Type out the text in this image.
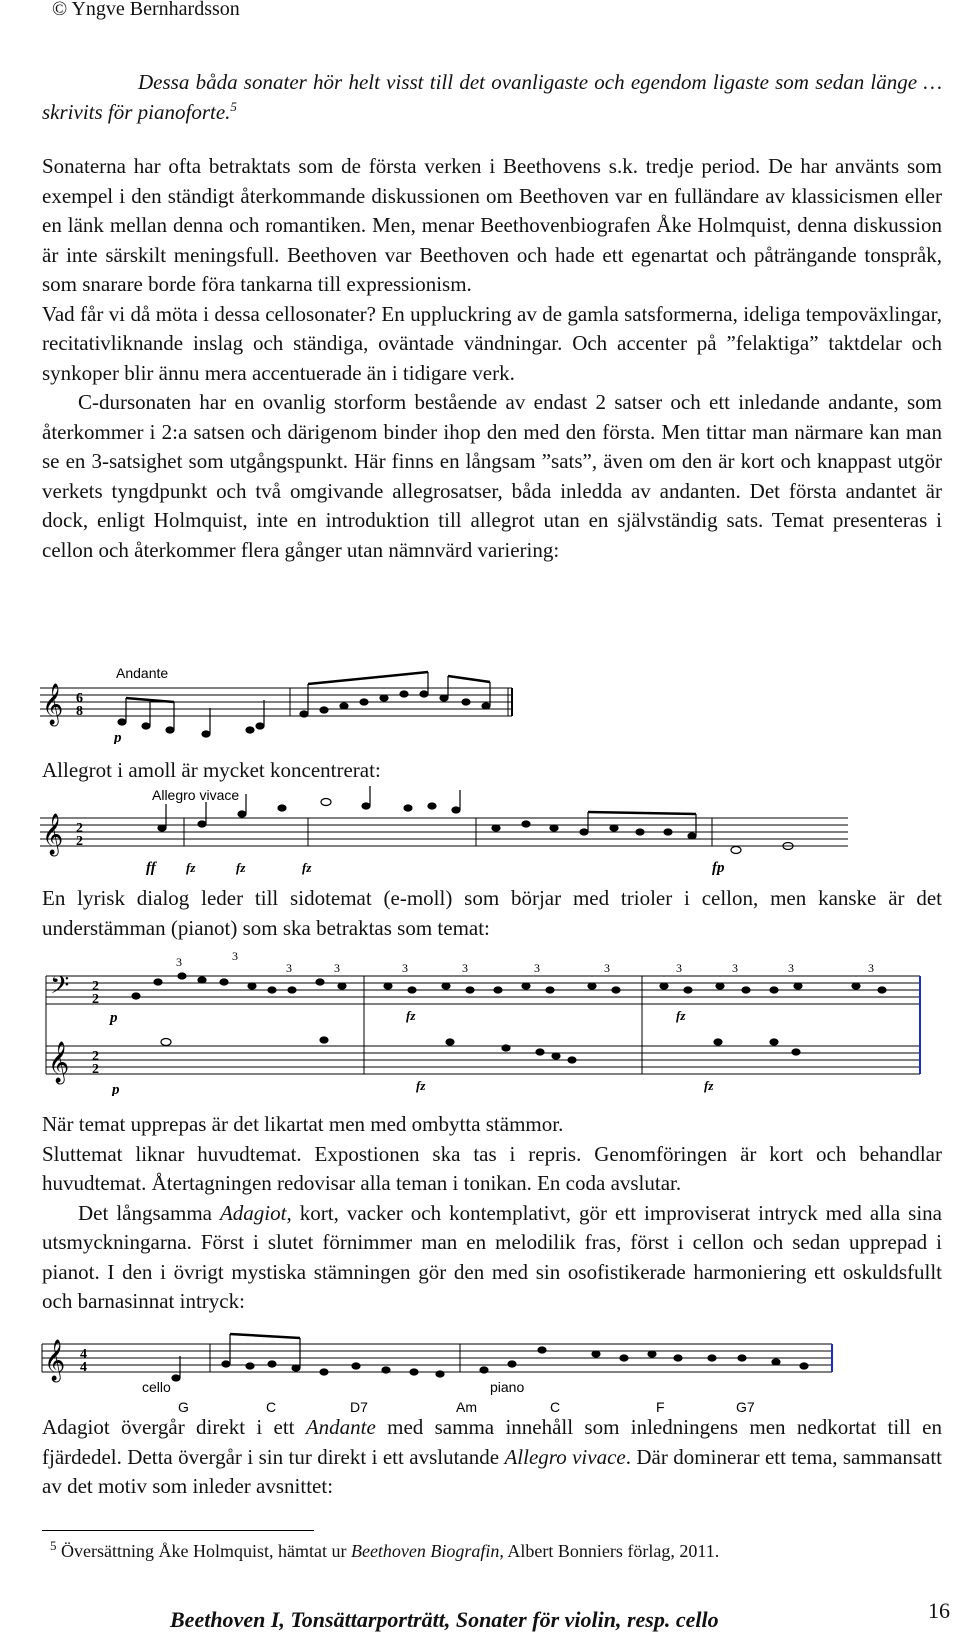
© Yngve Bernhardsson

Dessa båda sonater hör helt visst till det ovanligaste och egendom ligaste som sedan länge … skrivits för pianoforte.$^5$

Sonaterna har ofta betraktats som de första verken i Beethovens s.k. tredje period. De har använts som exempel i den ständigt återkommande diskussionen om Beethoven var en fulländare av klassicismen eller en länk mellan denna och romantiken. Men, menar Beethovenbiografen Åke Holmquist, denna diskussion är inte särskilt meningsfull. Beethoven var Beethoven och hade ett egenartat och påträngande tonspråk, som snarare borde föra tankarna till expressionism.

Vad får vi då möta i dessa cellosonater? En uppluckring av de gamla satsformerna, ideliga tempoväxlingar, recitativliknande inslag och ständiga, oväntade vändningar. Och accenter på ”felaktiga” taktdelar och synkoper blir ännu mera accentuerade än i tidigare verk.

C-dursonaten har en ovanlig storform bestående av endast 2 satser och ett inledande andante, som återkommer i 2:a satsen och därigenom binder ihop den med den första. Men tittar man närmare kan man se en 3-satsighet som utgångspunkt. Här finns en långsam ”sats”, även om den är kort och knappast utgör verkets tyngdpunkt och två omgivande allegrosatser, båda inledda av andanten. Det första andantet är dock, enligt Holmquist, inte en introduktion till allegrot utan en självständig sats. Temat presenteras i cellon och återkommer flera gånger utan nämnvärd variering:

Andante
𝄞 6
8
p

Allegrot i amoll är mycket koncentrerat:

Allegro vivace
𝄞 2
2
ff fz	fz	fz	fp

En lyrisk dialog leder till sidotemat (e-moll) som börjar med trioler i cellon, men kanske är det understämman (pianot) som ska betraktas som temat:

𝄢
𝄞
2
2
2
2
3	3
3	3	3	3	3	3	3	3	3	3
p
p
fz	fz
fz	fz

När temat upprepas är det likartat men med ombytta stämmor.

Sluttemat liknar huvudtemat. Expostionen ska tas i repris. Genomföringen är kort och behandlar huvudtemat. Återtagningen redovisar alla teman i tonikan. En coda avslutar.

Det långsamma Adagiot, kort, vacker och kontemplativt, gör ett improviserat intryck med alla sina utsmyckningarna. Först i slutet förnimmer man en melodilik fras, först i cellon och sedan upprepad i pianot. I den i övrigt mystiska stämningen gör den med sin osofistikerade harmoniering ett oskuldsfullt och barnasinnat intryck:

𝄞 4
4
cello	piano
G	C	D7	Am	C	F	G7

Adagiot övergår direkt i ett Andante med samma innehåll som inledningens men nedkortat till en fjärdedel. Detta övergår i sin tur direkt i ett avslutande Allegro vivace. Där dominerar ett tema, sammansatt av det motiv som inleder avsnittet:

$^5$ Översättning Åke Holmquist, hämtat ur Beethoven Biografin, Albert Bonniers förlag, 2011.
Beethoven I, Tonsättarporträtt, Sonater för violin, resp. cello	16
